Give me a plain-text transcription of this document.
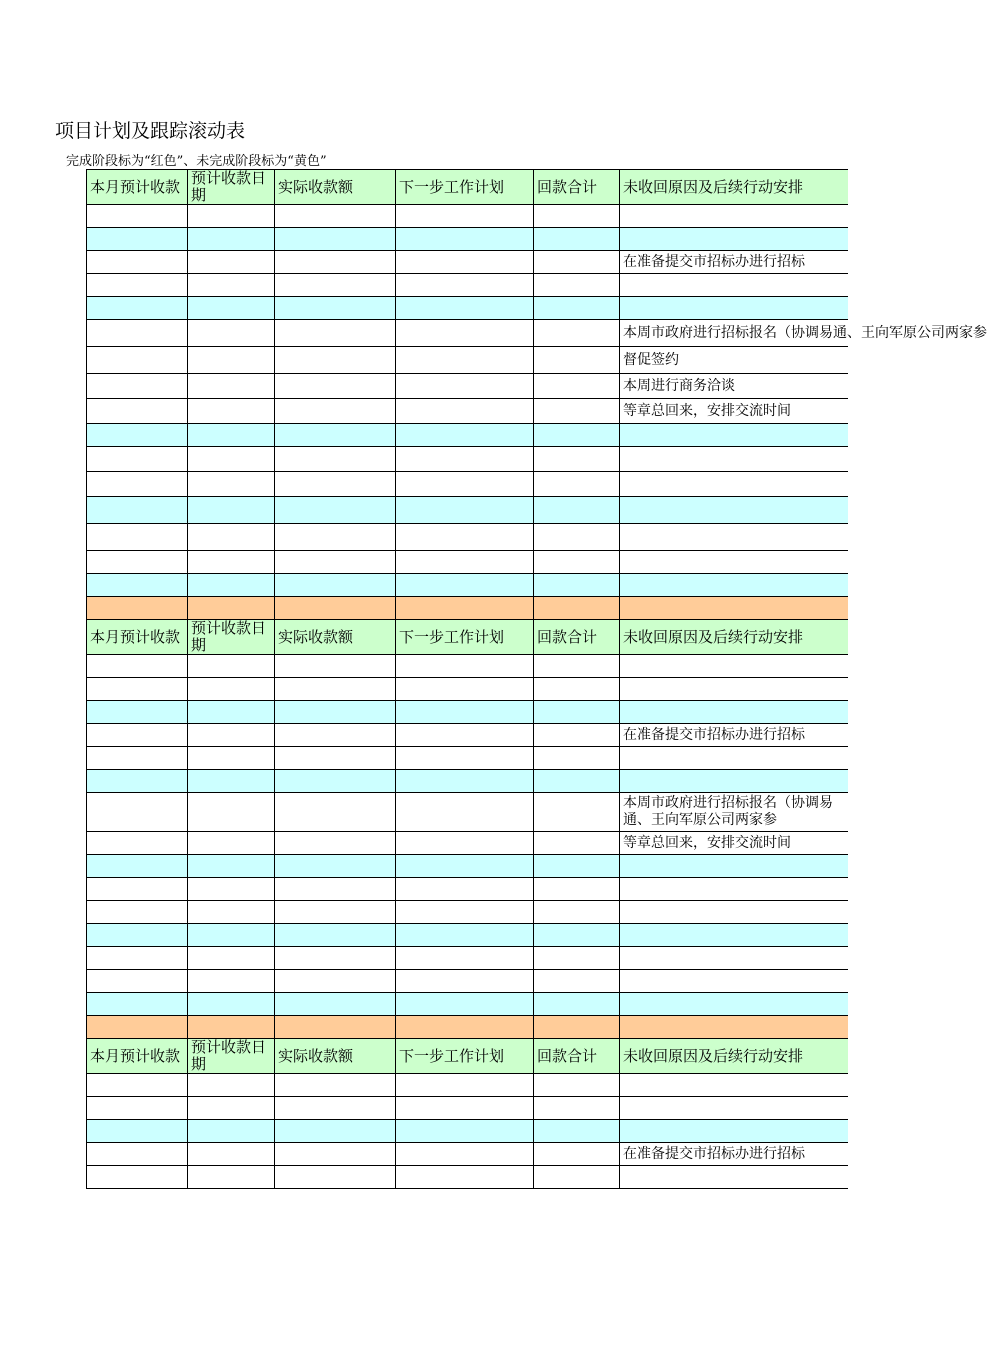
项目计划及跟踪滚动表
完成阶段标为“红色”、未完成阶段标为“黄色”
本月预计收款	预计收款日期	实际收款额	下一步工作计划	回款合计	未收回原因及后续行动安排

					在准备提交市招标办进行招标

					本周市政府进行招标报名（协调易通、王向军原公司两家参
					督促签约
					本周进行商务洽谈
					等章总回来，安排交流时间

本月预计收款	预计收款日期	实际收款额	下一步工作计划	回款合计	未收回原因及后续行动安排

					在准备提交市招标办进行招标

					本周市政府进行招标报名（协调易通、王向军原公司两家参
					等章总回来，安排交流时间

本月预计收款	预计收款日期	实际收款额	下一步工作计划	回款合计	未收回原因及后续行动安排

					在准备提交市招标办进行招标
